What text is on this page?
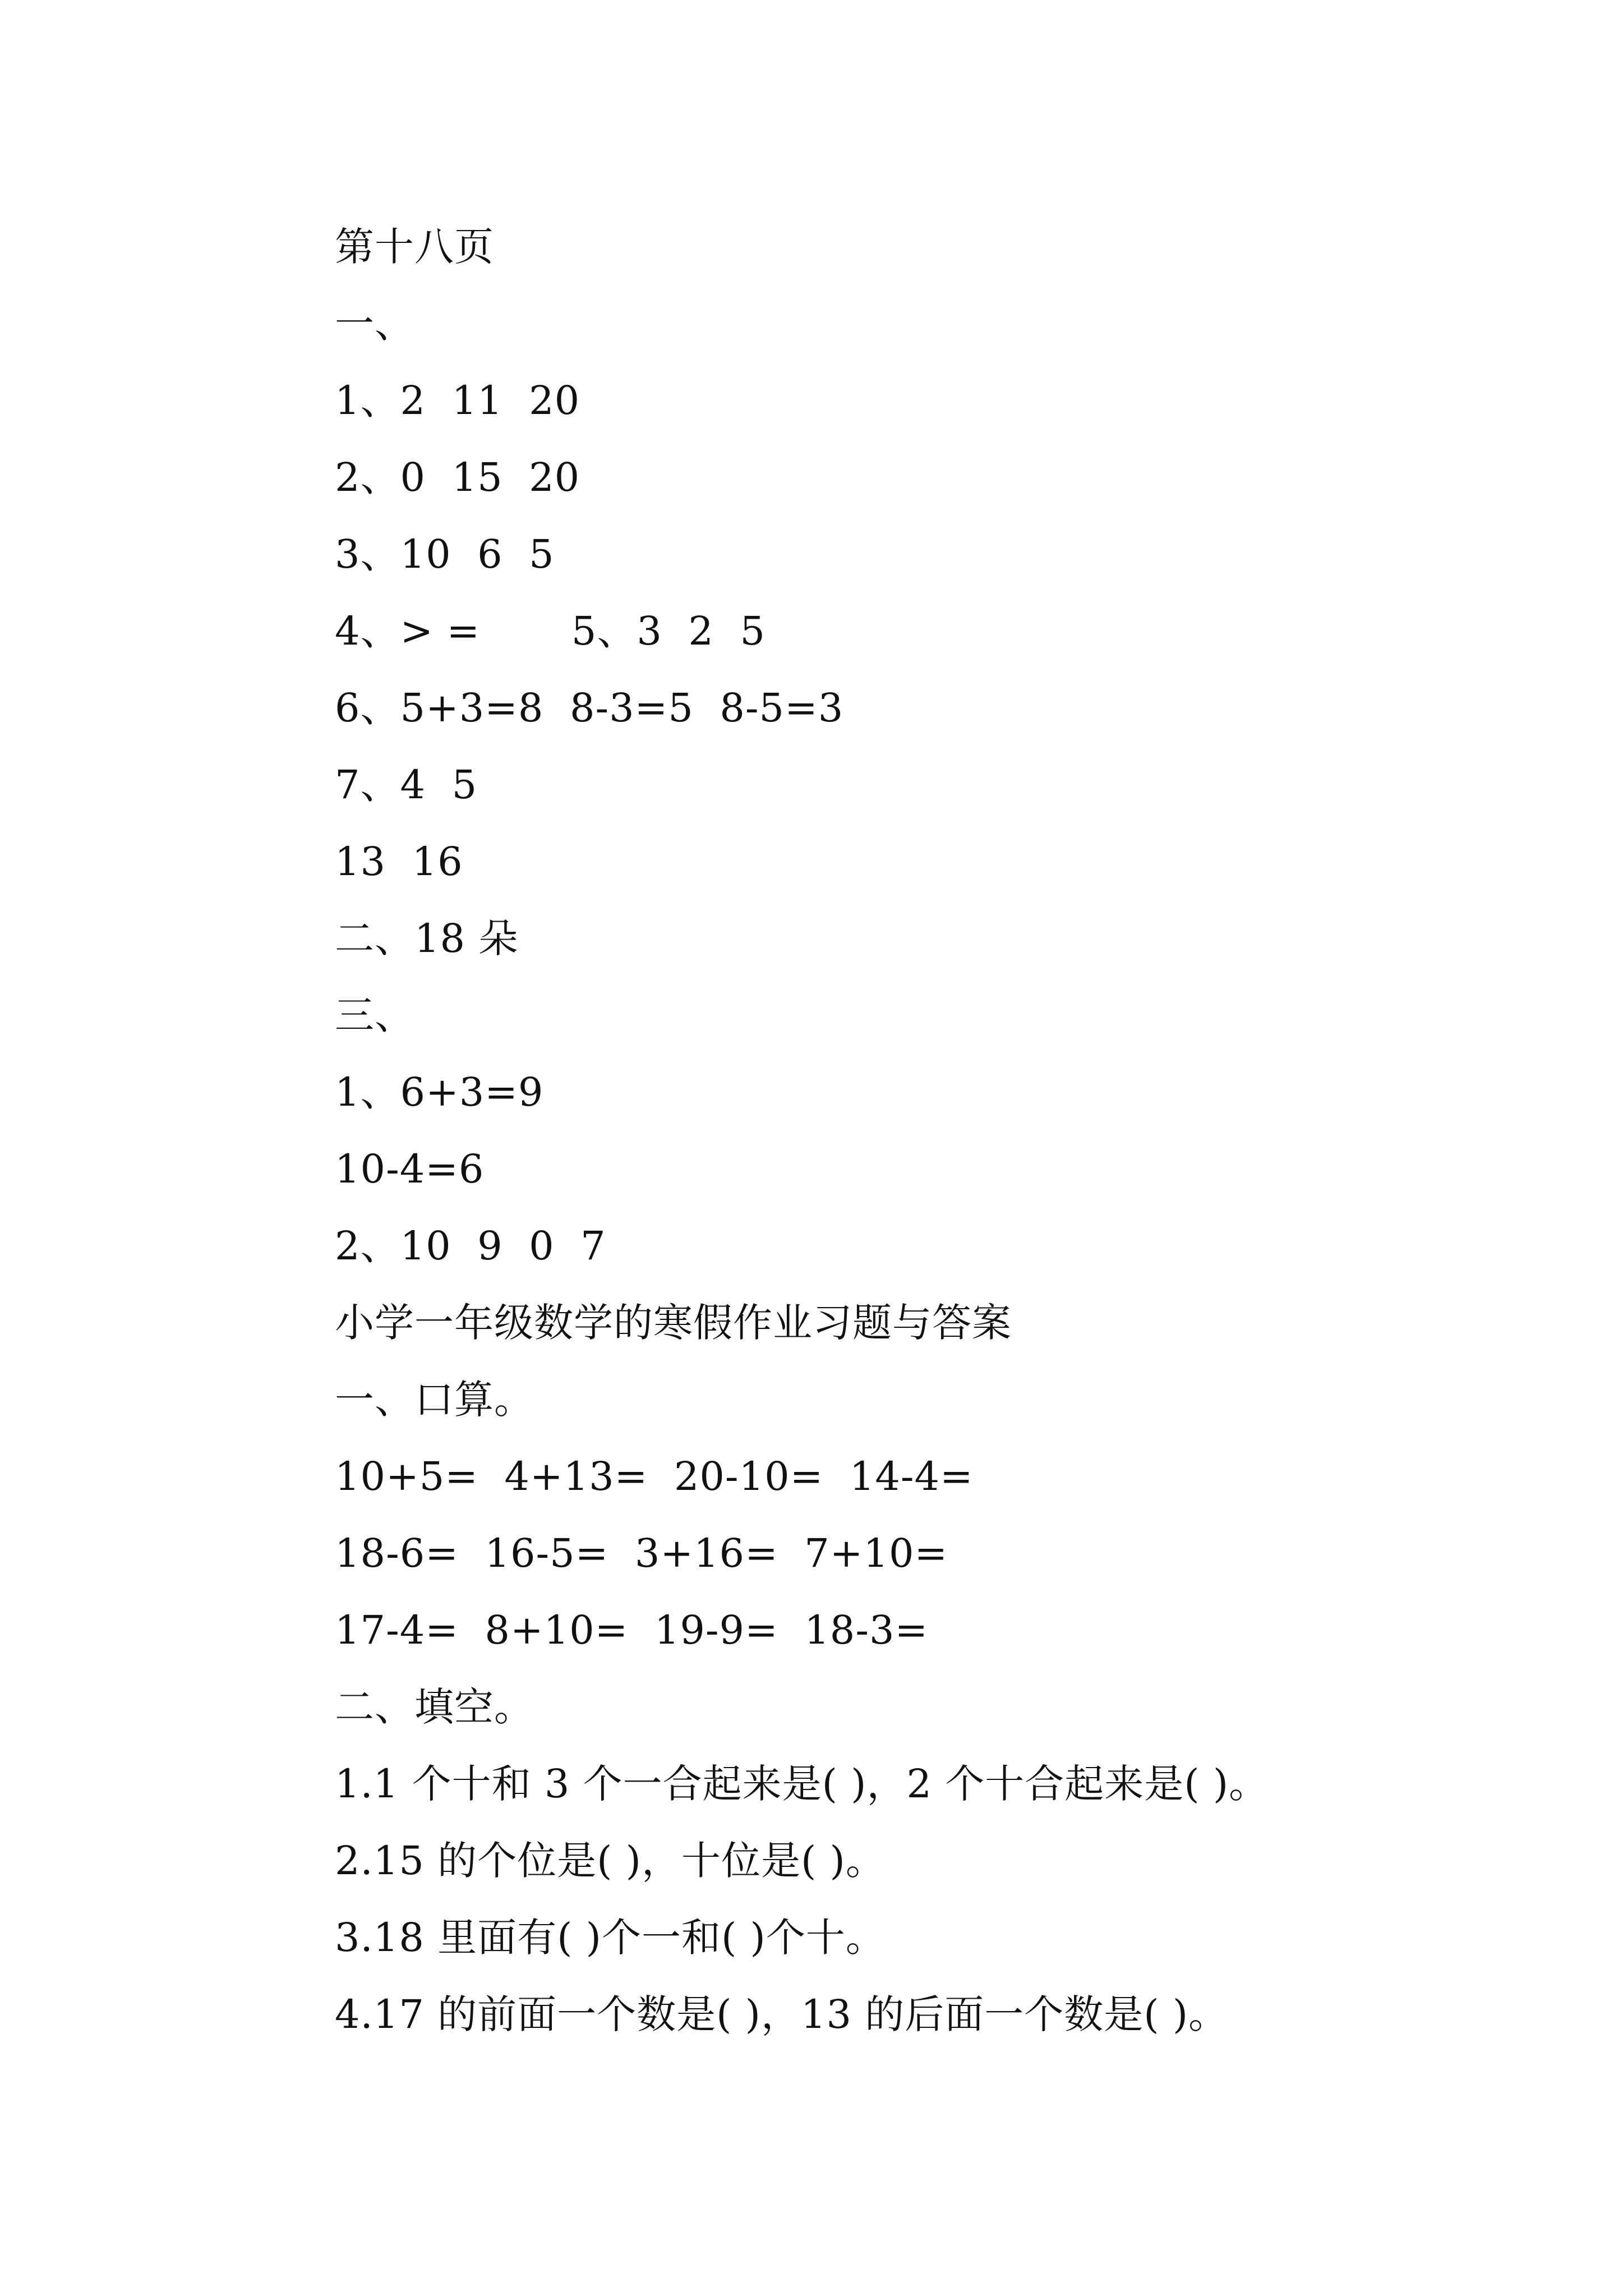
第十八页
一、
1、2  11  20
2、0  15  20
3、10  6  5
4、> =       5、3  2  5
6、5+3=8  8-3=5  8-5=3
7、4  5
13  16
二、18 朵
三、
1、6+3=9
10-4=6
2、10  9  0  7
小学一年级数学的寒假作业习题与答案
一、口算。
10+5=  4+13=  20-10=  14-4=
18-6=  16-5=  3+16=  7+10=
17-4=  8+10=  19-9=  18-3=
二、填空。
1.1 个十和 3 个一合起来是( )，2 个十合起来是( )。
2.15 的个位是( )，十位是( )。
3.18 里面有( )个一和( )个十。
4.17 的前面一个数是( )，13 的后面一个数是( )。
